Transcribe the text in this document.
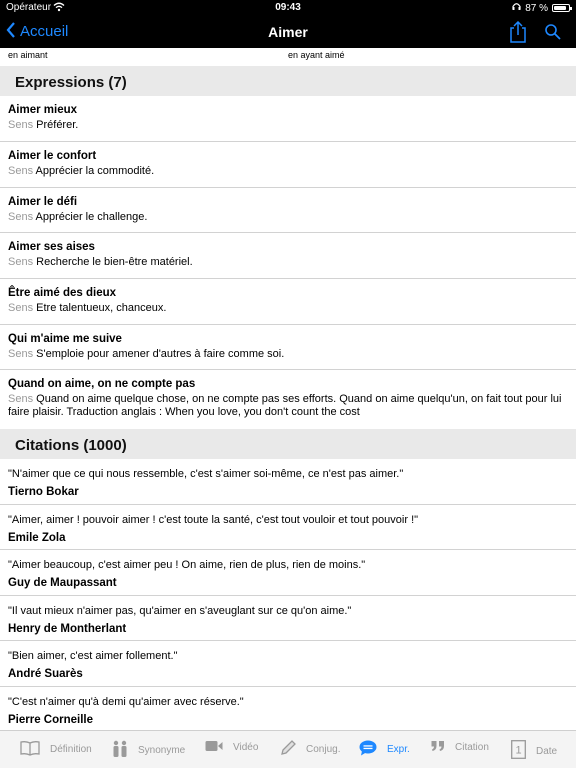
Opérateur	09:43	87 %
Accueil	Aimer
en aimant	en ayant aimé
Expressions (7)
Aimer mieux
Sens Préférer.
Aimer le confort
Sens Apprécier la commodité.
Aimer le défi
Sens Apprécier le challenge.
Aimer ses aises
Sens Recherche le bien-être matériel.
Être aimé des dieux
Sens Etre talentueux, chanceux.
Qui m'aime me suive
Sens S'emploie pour amener d'autres à faire comme soi.
Quand on aime, on ne compte pas
Sens Quand on aime quelque chose, on ne compte pas ses efforts. Quand on aime quelqu'un, on fait tout pour lui faire plaisir. Traduction anglais : When you love, you don't count the cost
Citations (1000)
"N'aimer que ce qui nous ressemble, c'est s'aimer soi-même, ce n'est pas aimer."
Tierno Bokar
"Aimer, aimer ! pouvoir aimer ! c'est toute la santé, c'est tout vouloir et tout pouvoir !"
Emile Zola
"Aimer beaucoup, c'est aimer peu ! On aime, rien de plus, rien de moins."
Guy de Maupassant
"Il vaut mieux n'aimer pas, qu'aimer en s'aveuglant sur ce qu'on aime."
Henry de Montherlant
"Bien aimer, c'est aimer follement."
André Suarès
"C'est n'aimer qu'à demi qu'aimer avec réserve."
Pierre Corneille
Définition	Synonyme	Vidéo	Conjug.	Expr.	Citation 1 Date
